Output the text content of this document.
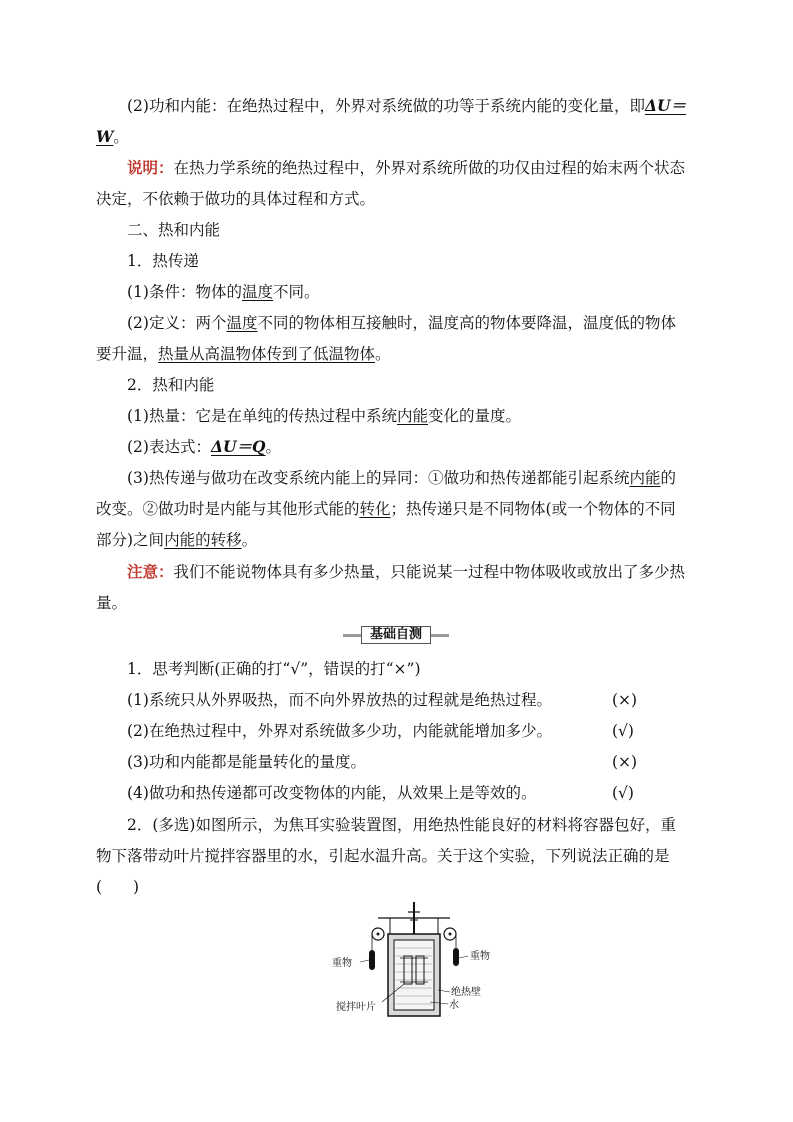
(2)功和内能：在绝热过程中，外界对系统做的功等于系统内能的变化量，即ΔU＝
W。
说明：在热力学系统的绝热过程中，外界对系统所做的功仅由过程的始末两个状态
决定，不依赖于做功的具体过程和方式。
二、热和内能
1．热传递
(1)条件：物体的温度不同。
(2)定义：两个温度不同的物体相互接触时，温度高的物体要降温，温度低的物体
要升温，热量从高温物体传到了低温物体。
2．热和内能
(1)热量：它是在单纯的传热过程中系统内能变化的量度。
(2)表达式：ΔU＝Q。
(3)热传递与做功在改变系统内能上的异同：①做功和热传递都能引起系统内能的
改变。②做功时是内能与其他形式能的转化；热传递只是不同物体(或一个物体的不同
部分)之间内能的转移。
注意：我们不能说物体具有多少热量，只能说某一过程中物体吸收或放出了多少热
量。
基础自测
1．思考判断(正确的打“√”，错误的打“×”)
(1)系统只从外界吸热，而不向外界放热的过程就是绝热过程。	(×)
(2)在绝热过程中，外界对系统做多少功，内能就能增加多少。	(√)
(3)功和内能都是能量转化的量度。	(×)
(4)做功和热传递都可改变物体的内能，从效果上是等效的。	(√)
2．(多选)如图所示，为焦耳实验装置图，用绝热性能良好的材料将容器包好，重
物下落带动叶片搅拌容器里的水，引起水温升高。关于这个实验，下列说法正确的是
(　　)
重物
重物
绝热壁
水
搅拌叶片
